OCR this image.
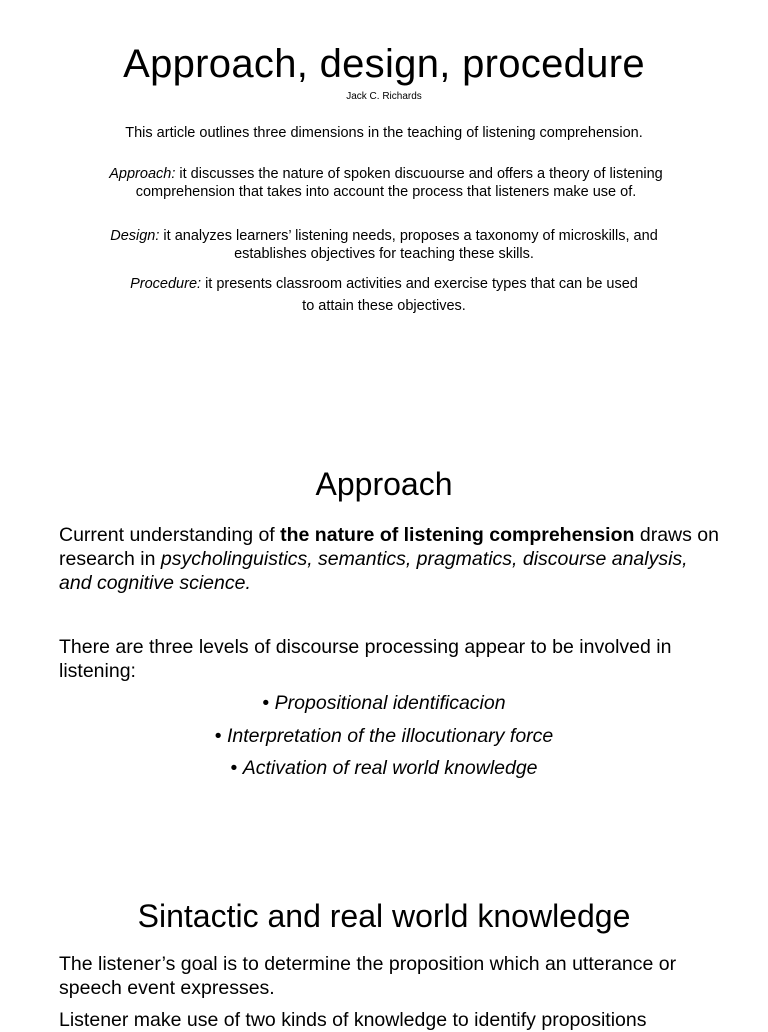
Approach, design, procedure
Jack C. Richards
This article outlines three dimensions in the teaching of listening comprehension.
Approach: it discusses the nature of spoken discuourse and offers a theory of listening comprehension that takes into account the process that listeners make use of.
Design: it analyzes learners’ listening needs, proposes a taxonomy of microskills, and establishes objectives for teaching these skills.
Procedure: it presents classroom activities and exercise types that can be used
to attain these objectives.
Approach

Current understanding of the nature of listening comprehension draws on research in psycholinguistics, semantics, pragmatics, discourse analysis, and cognitive science.

There are three levels of discourse processing appear to be involved in listening:

• Propositional identificacion
• Interpretation of the illocutionary force
• Activation of real world knowledge
Sintactic and real world knowledge

The listener’s goal is to determine the proposition which an utterance or speech event expresses.

Listener make use of two kinds of knowledge to identify propositions
